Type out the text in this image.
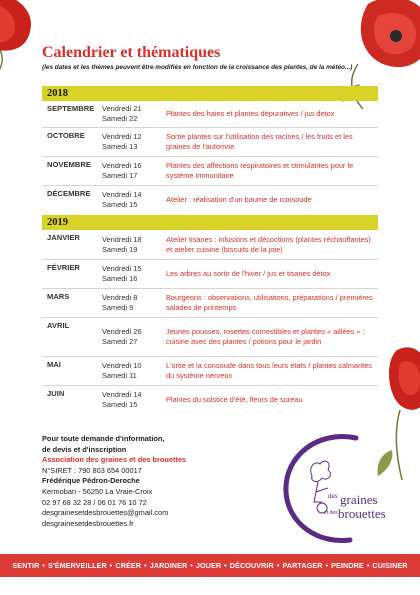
Calendrier et thématiques
(les dates et les thèmes peuvent être modifiés en fonction de la croissance des plantes, de la météo...)
2018
SEPTEMBRE	Vendredi 21
Samedi 22
Plantes des haies et plantes dépuratives / jus detox
OCTOBRE	Vendredi 12
Samedi 13
Sortie plantes sur l'utilisation des racines / les fruits et les graines de l'automne
NOVEMBRE	Vendredi 16
Samedi 17
Plantes des affections respiratoires et stimulantes pour le système immunitaire
DÉCEMBRE	Vendredi 14
Samedi 15
Atelier : réalisation d'un baume de consoude
2019
JANVIER	Vendredi 18
Samedi 19
Atelier tisanes : infusions et décoctions (plantes réchauffantes) et atelier cuisine (biscuits de la joie)
FÉVRIER	Vendredi 15
Samedi 16
Les arbres au sortir de l'hiver / jus et tisanes détox
MARS	Vendredi 8
Samedi 9
Bourgeons : observations, utilisations, préparations / premières salades de printemps
AVRIL
Vendredi 26
Samedi 27
Jeunes pousses, rosettes comestibles et plantes « aillées » : cuisine avec des plantes / potions pour le jardin
MAI	Vendredi 10
Samedi 11
L'ortie et la consoude dans tous leurs états / plantes calmantes du système nerveux
JUIN	Vendredi 14
Samedi 15
Plantes du solstice d'été, fleurs de sureau
Pour toute demande d'information,
de devis et d'inscription
Association des graines et des brouettes
N°SIRET : 790 803 654 00017
Frédérique Pédron-Deroche
Kermoban - 56250 La Vraie-Croix
02 97 68 32 28 / 06 01 76 10 72
desgrainesetdesbrouettes@gmail.com
desgrainesetdesbrouettes.fr
des graines
et des brouettes
SENTIR • S'ÉMERVEILLER • CRÉER • JARDINER • JOUER • DÉCOUVRIR • PARTAGER • PEINDRE • CUISINER
